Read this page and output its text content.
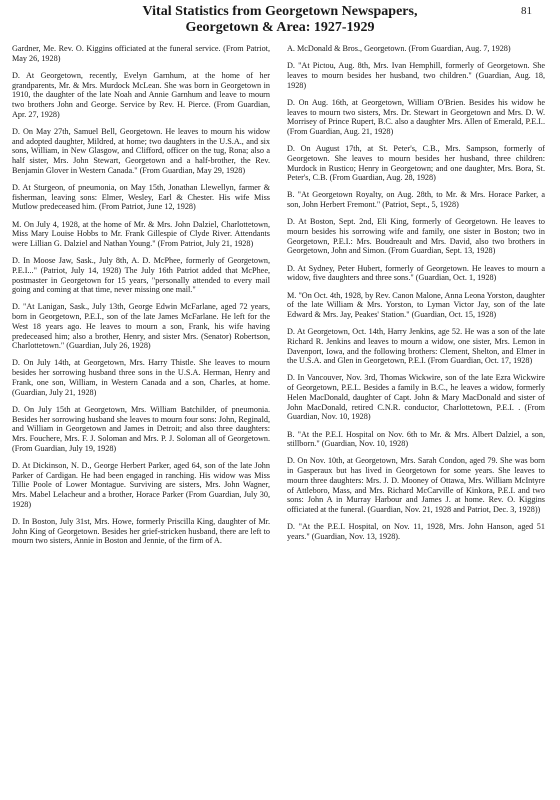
81
Vital Statistics from Georgetown Newspapers,
Georgetown & Area: 1927-1929

Gardner, Me. Rev. O. Kiggins officiated at the funeral service. (From Patriot, May 26, 1928)

D. At Georgetown, recently, Evelyn Garnhum, at the home of her grandparents, Mr. & Mrs. Murdock McLean. She was born in Georgetown in 1910, the daughter of the late Noah and Annie Garnhum and leave to mourn two brothers John and George. Service by Rev. H. Pierce. (From Guardian, Apr. 27, 1928)

D. On May 27th, Samuel Bell, Georgetown. He leaves to mourn his widow and adopted daughter, Mildred, at home; two daughters in the U.S.A., and six sons, William, in New Glasgow, and Clifford, officer on the tug, Rona; also a half sister, Mrs. John Stewart, Georgetown and a half-brother, the Rev. Benjamin Glover in Western Canada." (From Guardian, May 29, 1928)

D. At Sturgeon, of pneumonia, on May 15th, Jonathan Llewellyn, farmer & fisherman, leaving sons: Elmer, Wesley, Earl & Chester. His wife Miss Mutlow predeceased him. (From Patriot, June 12, 1928)

M. On July 4, 1928, at the home of Mr. & Mrs. John Dalziel, Charlottetown, Miss Mary Louise Hobbs to Mr. Frank Gillespie of Clyde River. Attendants were Lillian G. Dalziel and Nathan Young." (From Patriot, July 21, 1928)

D. In Moose Jaw, Sask., July 8th, A. D. McPhee, formerly of Georgetown, P.E.I..." (Patriot, July 14, 1928) The July 16th Patriot added that McPhee, postmaster in Georgetown for 15 years, "personally attended to every mail going and coming at that time, never missing one mail."

D. "At Lanigan, Sask., July 13th, George Edwin McFarlane, aged 72 years, born in Georgetown, P.E.I., son of the late James McFarlane. He left for the West 18 years ago. He leaves to mourn a son, Frank, his wife having predeceased him; also a brother, Henry, and sister Mrs. (Senator) Robertson, Charlottetown." (Guardian, July 26, 1928)

D. On July 14th, at Georgetown, Mrs. Harry Thistle. She leaves to mourn besides her sorrowing husband three sons in the U.S.A. Herman, Henry and Frank, one son, William, in Western Canada and a son, Charles, at home. (Guardian, July 21, 1928)

D. On July 15th at Georgetown, Mrs. William Batchilder, of pneumonia. Besides her sorrowing husband she leaves to mourn four sons: John, Reginald, and William in Georgetown and James in Detroit; and also three daughters: Mrs. Fouchere, Mrs. F. J. Soloman and Mrs. P. J. Soloman all of Georgetown. (From Guardian, July 19, 1928)

D. At Dickinson, N. D., George Herbert Parker, aged 64, son of the late John Parker of Cardigan. He had been engaged in ranching. His widow was Miss Tillie Poole of Lower Montague. Surviving are sisters, Mrs. John Wagner, Mrs. Mabel Lelacheur and a brother, Horace Parker (From Guardian, July 30, 1928)

D. In Boston, July 31st, Mrs. Howe, formerly Priscilla King, daughter of Mr. John King of Georgetown. Besides her grief-stricken husband, there are left to mourn two sisters, Annie in Boston and Jennie, of the firm of A.

A. McDonald & Bros., Georgetown. (From Guardian, Aug. 7, 1928)

D. "At Pictou, Aug. 8th, Mrs. Ivan Hemphill, formerly of Georgetown. She leaves to mourn besides her husband, two children." (Guardian, Aug. 18, 1928)

D. On Aug. 16th, at Georgetown, William O'Brien. Besides his widow he leaves to mourn two sisters, Mrs. Dr. Stewart in Georgetown and Mrs. D. W. Morrisey of Prince Rupert, B.C. also a daughter Mrs. Allen of Emerald, P.E.I.. (From Guardian, Aug. 21, 1928)

D. On August 17th, at St. Peter's, C.B., Mrs. Sampson, formerly of Georgetown. She leaves to mourn besides her husband, three children: Murdock in Rustico; Henry in Georgetown; and one daughter, Mrs. Bora, St. Peter's, C.B. (From Guardian, Aug. 28, 1928)

B. "At Georgetown Royalty, on Aug. 28th, to Mr. & Mrs. Horace Parker, a son, John Herbert Fremont." (Patriot, Sept., 5, 1928)

D. At Boston, Sept. 2nd, Eli King, formerly of Georgetown. He leaves to mourn besides his sorrowing wife and family, one sister in Boston; two in Georgetown, P.E.I.: Mrs. Boudreault and Mrs. David, also two brothers in Georgetown, John and Simon. (From Guardian, Sept. 13, 1928)

D. At Sydney, Peter Hubert, formerly of Georgetown. He leaves to mourn a widow, five daughters and three sons." (Guardian, Oct. 1, 1928)

M. "On Oct. 4th, 1928, by Rev. Canon Malone, Anna Leona Yorston, daughter of the late William & Mrs. Yorston, to Lyman Victor Jay, son of the late Edward & Mrs. Jay, Peakes' Station." (Guardian, Oct. 15, 1928)

D. At Georgetown, Oct. 14th, Harry Jenkins, age 52. He was a son of the late Richard R. Jenkins and leaves to mourn a widow, one sister, Mrs. Lemon in Davenport, Iowa, and the following brothers: Clement, Shelton, and Elmer in the U.S.A. and Glen in Georgetown, P.E.I. (From Guardian, Oct. 17, 1928)

D. In Vancouver, Nov. 3rd, Thomas Wickwire, son of the late Ezra Wickwire of Georgetown, P.E.I.. Besides a family in B.C., he leaves a widow, formerly Helen MacDonald, daughter of Capt. John & Mary MacDonald and sister of John MacDonald, retired C.N.R. conductor, Charlottetown, P.E.I. . (From Guardian, Nov. 10, 1928)

B. "At the P.E.I. Hospital on Nov. 6th to Mr. & Mrs. Albert Dalziel, a son, stillborn." (Guardian, Nov. 10, 1928)

D. On Nov. 10th, at Georgetown, Mrs. Sarah Condon, aged 79. She was born in Gasperaux but has lived in Georgetown for some years. She leaves to mourn three daughters: Mrs. J. D. Mooney of Ottawa, Mrs. William McIntyre of Attleboro, Mass, and Mrs. Richard McCarville of Kinkora, P.E.I. and two sons: John A in Murray Harbour and James J. at home. Rev. O. Kiggins officiated at the funeral. (Guardian, Nov. 21, 1928 and Patriot, Dec. 3, 1928))

D. "At the P.E.I. Hospital, on Nov. 11, 1928, Mrs. John Hanson, aged 51 years." (Guardian, Nov. 13, 1928).
